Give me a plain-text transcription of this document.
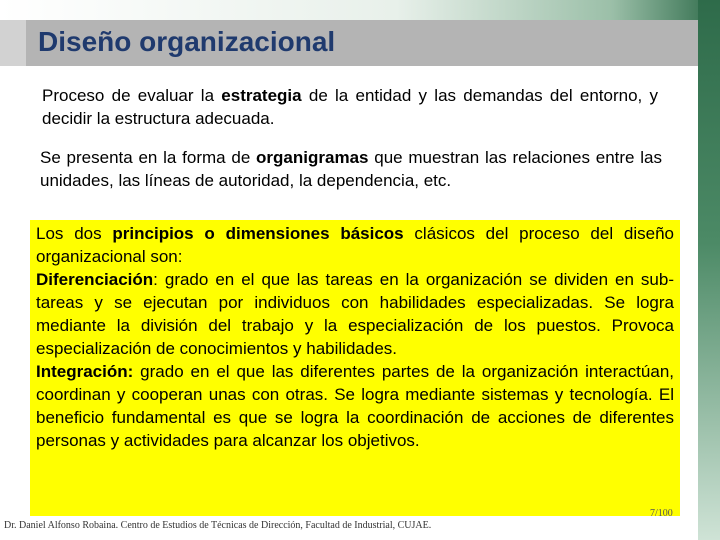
Diseño organizacional

Proceso de evaluar la estrategia de la entidad y las demandas del entorno, y decidir la estructura adecuada.

Se presenta en la forma de organigramas que muestran las relaciones entre las unidades, las líneas de autoridad, la dependencia, etc.

Los dos principios o dimensiones básicos clásicos del proceso del diseño organizacional son:

Diferenciación: grado en el que las tareas en la organización se dividen en sub-tareas y se ejecutan por individuos con habilidades especializadas. Se logra mediante la división del trabajo y la especialización de los puestos. Provoca especialización de conocimientos y habilidades.

Integración: grado en el que las diferentes partes de la organización interactúan, coordinan y cooperan unas con otras. Se logra mediante sistemas y tecnología. El beneficio fundamental es que se logra la coordinación de acciones de diferentes personas y actividades para alcanzar los objetivos.

Dr. Daniel Alfonso Robaina. Centro de Estudios de Técnicas de Dirección, Facultad de Industrial, CUJAE.
7/100
